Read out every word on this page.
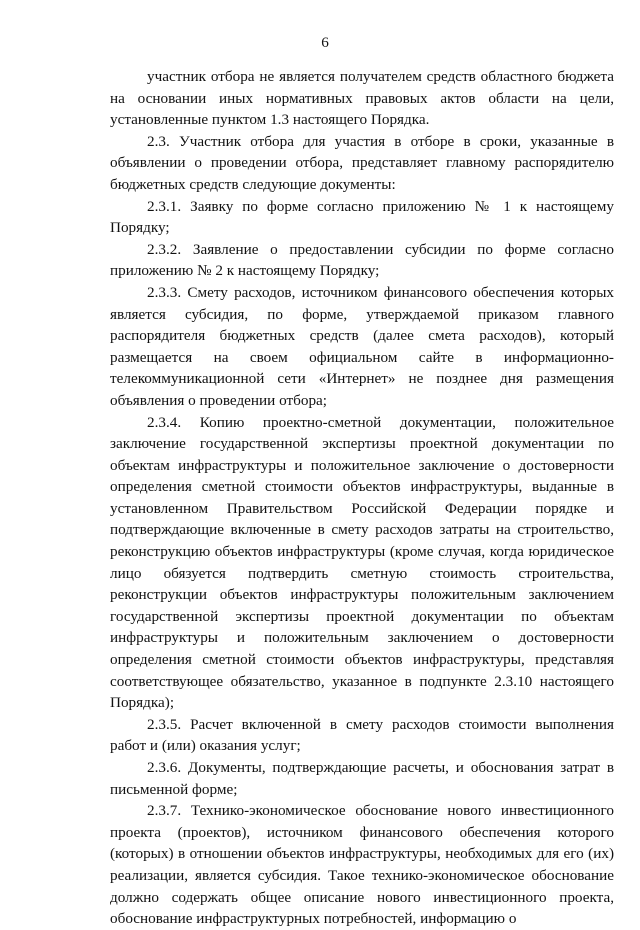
6

участник отбора не является получателем средств областного бюджета на основании иных нормативных правовых актов области на цели, установленные пунктом 1.3 настоящего Порядка.

2.3. Участник отбора для участия в отборе в сроки, указанные в объявлении о проведении отбора, представляет главному распорядителю бюджетных средств следующие документы:

2.3.1. Заявку по форме согласно приложению № 1 к настоящему Порядку;

2.3.2. Заявление о предоставлении субсидии по форме согласно приложению № 2 к настоящему Порядку;

2.3.3. Смету расходов, источником финансового обеспечения которых является субсидия, по форме, утверждаемой приказом главного распорядителя бюджетных средств (далее смета расходов), который размещается на своем официальном сайте в информационно-телекоммуникационной сети «Интернет» не позднее дня размещения объявления о проведении отбора;

2.3.4. Копию проектно-сметной документации, положительное заключение государственной экспертизы проектной документации по объектам инфраструктуры и положительное заключение о достоверности определения сметной стоимости объектов инфраструктуры, выданные в установленном Правительством Российской Федерации порядке и подтверждающие включенные в смету расходов затраты на строительство, реконструкцию объектов инфраструктуры (кроме случая, когда юридическое лицо обязуется подтвердить сметную стоимость строительства, реконструкции объектов инфраструктуры положительным заключением государственной экспертизы проектной документации по объектам инфраструктуры и положительным заключением о достоверности определения сметной стоимости объектов инфраструктуры, представляя соответствующее обязательство, указанное в подпункте 2.3.10 настоящего Порядка);

2.3.5. Расчет включенной в смету расходов стоимости выполнения работ и (или) оказания услуг;

2.3.6. Документы, подтверждающие расчеты, и обоснования затрат в письменной форме;

2.3.7. Технико-экономическое обоснование нового инвестиционного проекта (проектов), источником финансового обеспечения которого (которых) в отношении объектов инфраструктуры, необходимых для его (их) реализации, является субсидия. Такое технико-экономическое обоснование должно содержать общее описание нового инвестиционного проекта, обоснование инфраструктурных потребностей, информацию о
